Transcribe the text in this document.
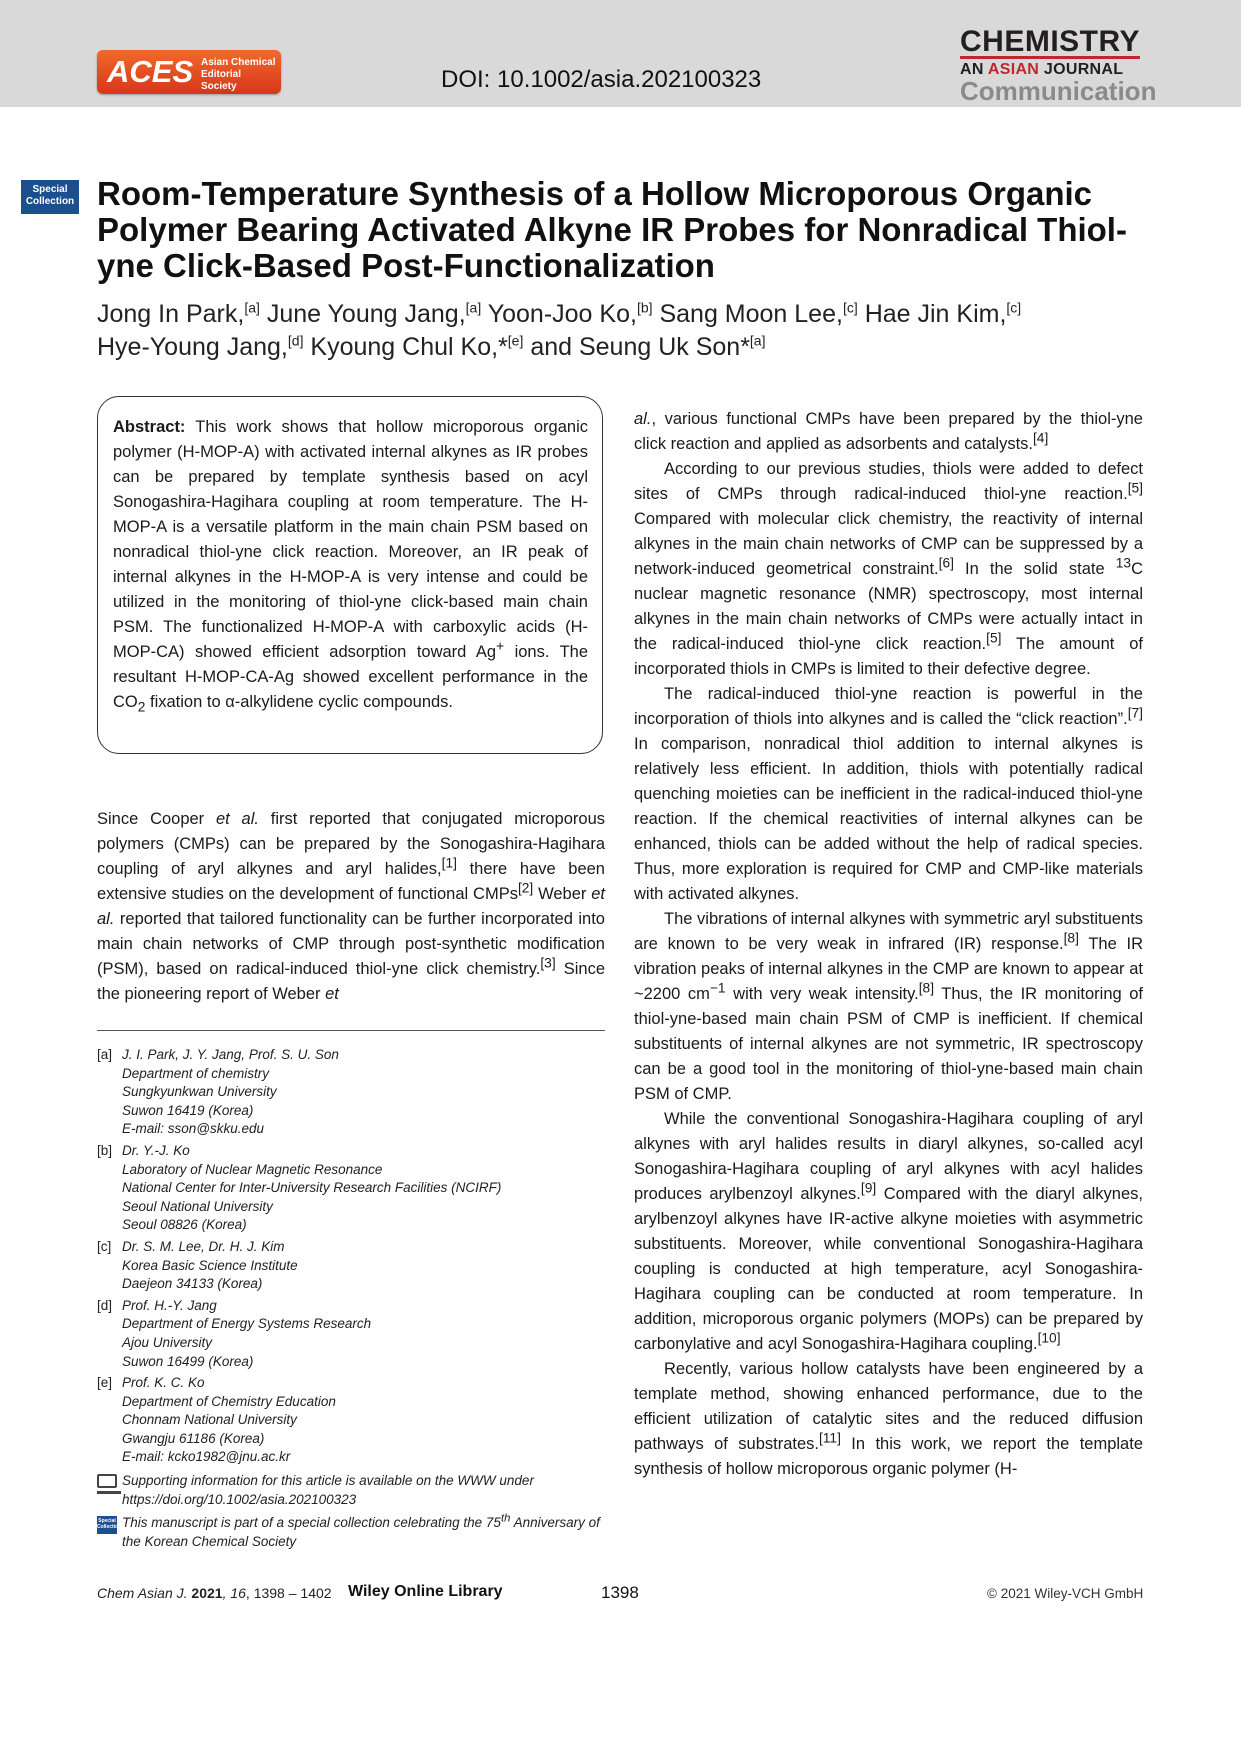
ACES Asian Chemical Editorial Society	DOI: 10.1002/asia.202100323
CHEMISTRY
AN ASIAN JOURNAL
Communication
Special Collection Room-Temperature Synthesis of a Hollow Microporous Organic Polymer Bearing Activated Alkyne IR Probes for Nonradical Thiol-yne Click-Based Post-Functionalization
Jong In Park,[a] June Young Jang,[a] Yoon-Joo Ko,[b] Sang Moon Lee,[c] Hae Jin Kim,[c]
Hye-Young Jang,[d] Kyoung Chul Ko,*[e] and Seung Uk Son*[a]
Abstract: This work shows that hollow microporous organic polymer (H-MOP-A) with activated internal alkynes as IR probes can be prepared by template synthesis based on acyl Sonogashira-Hagihara coupling at room temperature. The H-MOP-A is a versatile platform in the main chain PSM based on nonradical thiol-yne click reaction. Moreover, an IR peak of internal alkynes in the H-MOP-A is very intense and could be utilized in the monitoring of thiol-yne click-based main chain PSM. The functionalized H-MOP-A with carboxylic acids (H-MOP-CA) showed efficient adsorption toward Ag+ ions. The resultant H-MOP-CA-Ag showed excellent performance in the $CO_2$ fixation to α-alkylidene cyclic compounds.
Since Cooper et al. first reported that conjugated microporous polymers (CMPs) can be prepared by the Sonogashira-Hagihara coupling of aryl alkynes and aryl halides,[1] there have been extensive studies on the development of functional CMPs[2] Weber et al. reported that tailored functionality can be further incorporated into main chain networks of CMP through post-synthetic modification (PSM), based on radical-induced thiol-yne click chemistry.[3] Since the pioneering report of Weber et
[a] J. I. Park, J. Y. Jang, Prof. S. U. Son
Department of chemistry
Sungkyunkwan University
Suwon 16419 (Korea)
E-mail: sson@skku.edu
[b] Dr. Y.-J. Ko
Laboratory of Nuclear Magnetic Resonance
National Center for Inter-University Research Facilities (NCIRF)
Seoul National University
Seoul 08826 (Korea)
[c] Dr. S. M. Lee, Dr. H. J. Kim
Korea Basic Science Institute
Daejeon 34133 (Korea)
[d] Prof. H.-Y. Jang
Department of Energy Systems Research
Ajou University
Suwon 16499 (Korea)
[e] Prof. K. C. Ko
Department of Chemistry Education
Chonnam National University
Gwangju 61186 (Korea)
E-mail: kcko1982@jnu.ac.kr
Supporting information for this article is available on the WWW under https://doi.org/10.1002/asia.202100323
Special Collection This manuscript is part of a special collection celebrating the 75th Anniversary of the Korean Chemical Society

al., various functional CMPs have been prepared by the thiol-yne click reaction and applied as adsorbents and catalysts.[4]

According to our previous studies, thiols were added to defect sites of CMPs through radical-induced thiol-yne reaction.[5] Compared with molecular click chemistry, the reactivity of internal alkynes in the main chain networks of CMP can be suppressed by a network-induced geometrical constraint.[6] In the solid state $^{13}$C nuclear magnetic resonance (NMR) spectroscopy, most internal alkynes in the main chain networks of CMPs were actually intact in the radical-induced thiol-yne click reaction.[5] The amount of incorporated thiols in CMPs is limited to their defective degree.

The radical-induced thiol-yne reaction is powerful in the incorporation of thiols into alkynes and is called the “click reaction”.[7] In comparison, nonradical thiol addition to internal alkynes is relatively less efficient. In addition, thiols with potentially radical quenching moieties can be inefficient in the radical-induced thiol-yne reaction. If the chemical reactivities of internal alkynes can be enhanced, thiols can be added without the help of radical species. Thus, more exploration is required for CMP and CMP-like materials with activated alkynes.

The vibrations of internal alkynes with symmetric aryl substituents are known to be very weak in infrared (IR) response.[8] The IR vibration peaks of internal alkynes in the CMP are known to appear at ~2200 $cm^{-1}$ with very weak intensity.[8] Thus, the IR monitoring of thiol-yne-based main chain PSM of CMP is inefficient. If chemical substituents of internal alkynes are not symmetric, IR spectroscopy can be a good tool in the monitoring of thiol-yne-based main chain PSM of CMP.

While the conventional Sonogashira-Hagihara coupling of aryl alkynes with aryl halides results in diaryl alkynes, so-called acyl Sonogashira-Hagihara coupling of aryl alkynes with acyl halides produces arylbenzoyl alkynes.[9] Compared with the diaryl alkynes, arylbenzoyl alkynes have IR-active alkyne moieties with asymmetric substituents. Moreover, while conventional Sonogashira-Hagihara coupling is conducted at high temperature, acyl Sonogashira-Hagihara coupling can be conducted at room temperature. In addition, microporous organic polymers (MOPs) can be prepared by carbonylative and acyl Sonogashira-Hagihara coupling.[10]

Recently, various hollow catalysts have been engineered by a template method, showing enhanced performance, due to the efficient utilization of catalytic sites and the reduced diffusion pathways of substrates.[11] In this work, we report the template synthesis of hollow microporous organic polymer (H-

Chem Asian J. 2021, 16, 1398 – 1402 Wiley Online Library	1398	© 2021 Wiley-VCH GmbH
